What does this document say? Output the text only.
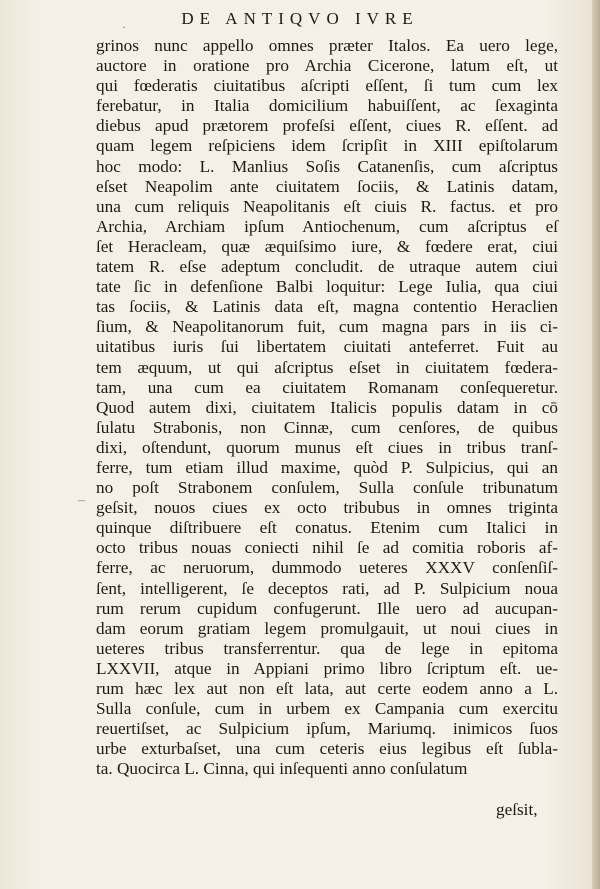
DE ANTIQVO IVRE
·
–
grinos nunc appello omnes præter Italos. Ea uero lege,
auctore in oratione pro Archia Cicerone, latum eſt, ut
qui fœderatis ciuitatibus aſcripti eſſent, ſi tum cum lex
ferebatur, in Italia domicilium habuiſſent, ac ſexaginta
diebus apud prætorem profeſsi eſſent, ciues R. eſſent. ad
quam legem reſpiciens idem ſcripſit in XIII epiſtolarum
hoc modo: L. Manlius Soſis Catanenſis, cum aſcriptus
eſset Neapolim ante ciuitatem ſociis, & Latinis datam,
una cum reliquis Neapolitanis eſt ciuis R. factus. et pro
Archia, Archiam ipſum Antiochenum, cum aſcriptus eſ
ſet Heracleam, quæ æquiſsimo iure, & fœdere erat, ciui
tatem R. eſse adeptum concludit. de utraque autem ciui
tate ſic in defenſione Balbi loquitur: Lege Iulia, qua ciui
tas ſociis, & Latinis data eſt, magna contentio Heraclien
ſium, & Neapolitanorum fuit, cum magna pars in iis ci-
uitatibus iuris ſui libertatem ciuitati anteferret. Fuit au
tem æquum, ut qui aſcriptus eſset in ciuitatem fœdera-
tam, una cum ea ciuitatem Romanam conſequeretur.
Quod autem dixi, ciuitatem Italicis populis datam in cō
ſulatu Strabonis, non Cinnæ, cum cenſores, de quibus
dixi, oſtendunt, quorum munus eſt ciues in tribus tranſ-
ferre, tum etiam illud maxime, quòd P. Sulpicius, qui an
no poſt Strabonem conſulem, Sulla conſule tribunatum
geſsit, nouos ciues ex octo tribubus in omnes triginta
quinque diſtribuere eſt conatus. Etenim cum Italici in
octo tribus nouas coniecti nihil ſe ad comitia roboris af-
ferre, ac neruorum, dummodo ueteres XXXV conſenſiſ-
ſent, intelligerent, ſe deceptos rati, ad P. Sulpicium noua
rum rerum cupidum confugerunt. Ille uero ad aucupan-
dam eorum gratiam legem promulgauit, ut noui ciues in
ueteres tribus transferrentur. qua de lege in epitoma
LXXVII, atque in Appiani primo libro ſcriptum eſt. ue-
rum hæc lex aut non eſt lata, aut certe eodem anno a L.
Sulla conſule, cum in urbem ex Campania cum exercitu
reuertiſset, ac Sulpicium ipſum, Mariumq. inimicos ſuos
urbe exturbaſset, una cum ceteris eius legibus eſt ſubla-
ta. Quocirca L. Cinna, qui inſequenti anno conſulatum
geſsit,
